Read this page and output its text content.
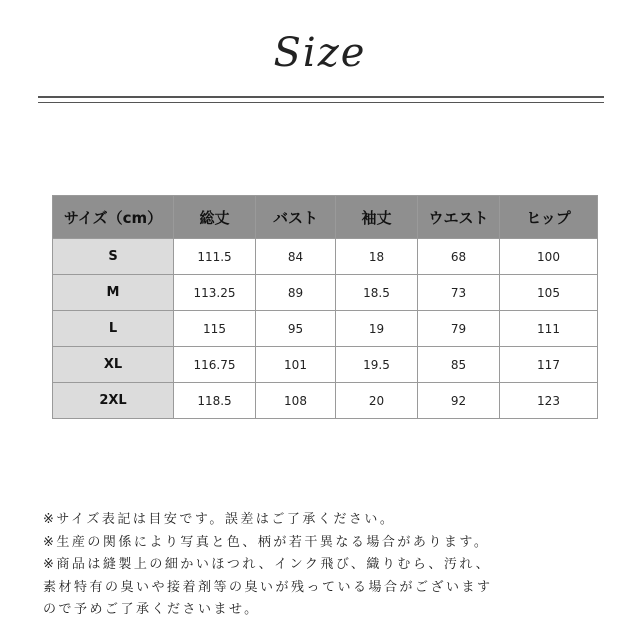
Size
サイズ（cm）	総丈	バスト	袖丈	ウエスト	ヒップ
S	111.5	84	18	68	100
M	113.25	89	18.5	73	105
L	115	95	19	79	111
XL	116.75	101	19.5	85	117
2XL	118.5	108	20	92	123
※サイズ表記は目安です。誤差はご了承ください。
※生産の関係により写真と色、柄が若干異なる場合があります。
※商品は縫製上の細かいほつれ、インク飛び、織りむら、汚れ、
素材特有の臭いや接着剤等の臭いが残っている場合がございます
ので予めご了承くださいませ。
